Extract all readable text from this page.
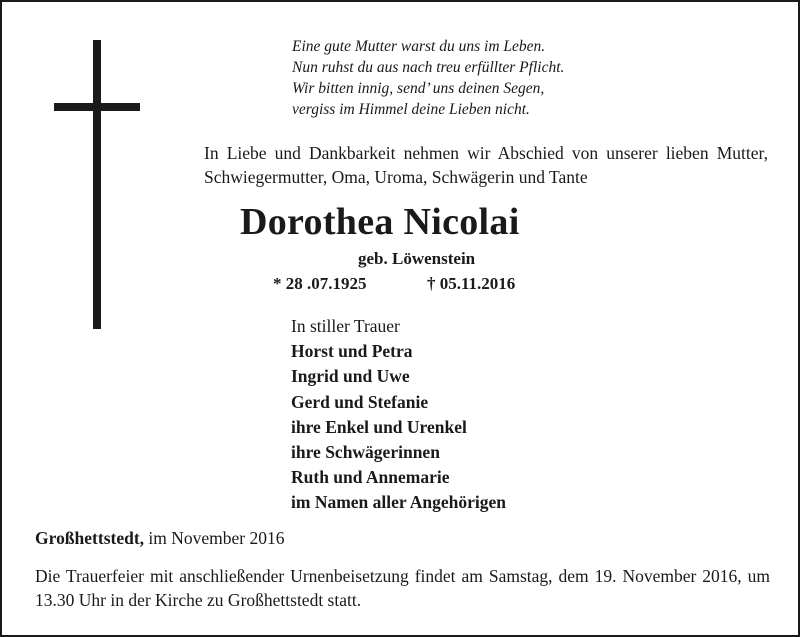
Eine gute Mutter warst du uns im Leben.
Nun ruhst du aus nach treu erfüllter Pflicht.
Wir bitten innig, send’ uns deinen Segen,
vergiss im Himmel deine Lieben nicht.

In Liebe und Dankbarkeit nehmen wir Abschied von unserer lieben Mutter, Schwiegermutter, Oma, Uroma, Schwägerin und Tante

Dorothea Nicolai
geb. Löwenstein
* 28 .07.1925	† 05.11.2016
In stiller Trauer
Horst und Petra
Ingrid und Uwe
Gerd und Stefanie
ihre Enkel und Urenkel
ihre Schwägerinnen
Ruth und Annemarie
im Namen aller Angehörigen
Großhettstedt, im November 2016

Die Trauerfeier mit anschließender Urnenbeisetzung findet am Samstag, dem 19. November 2016, um 13.30 Uhr in der Kirche zu Großhettstedt statt.
